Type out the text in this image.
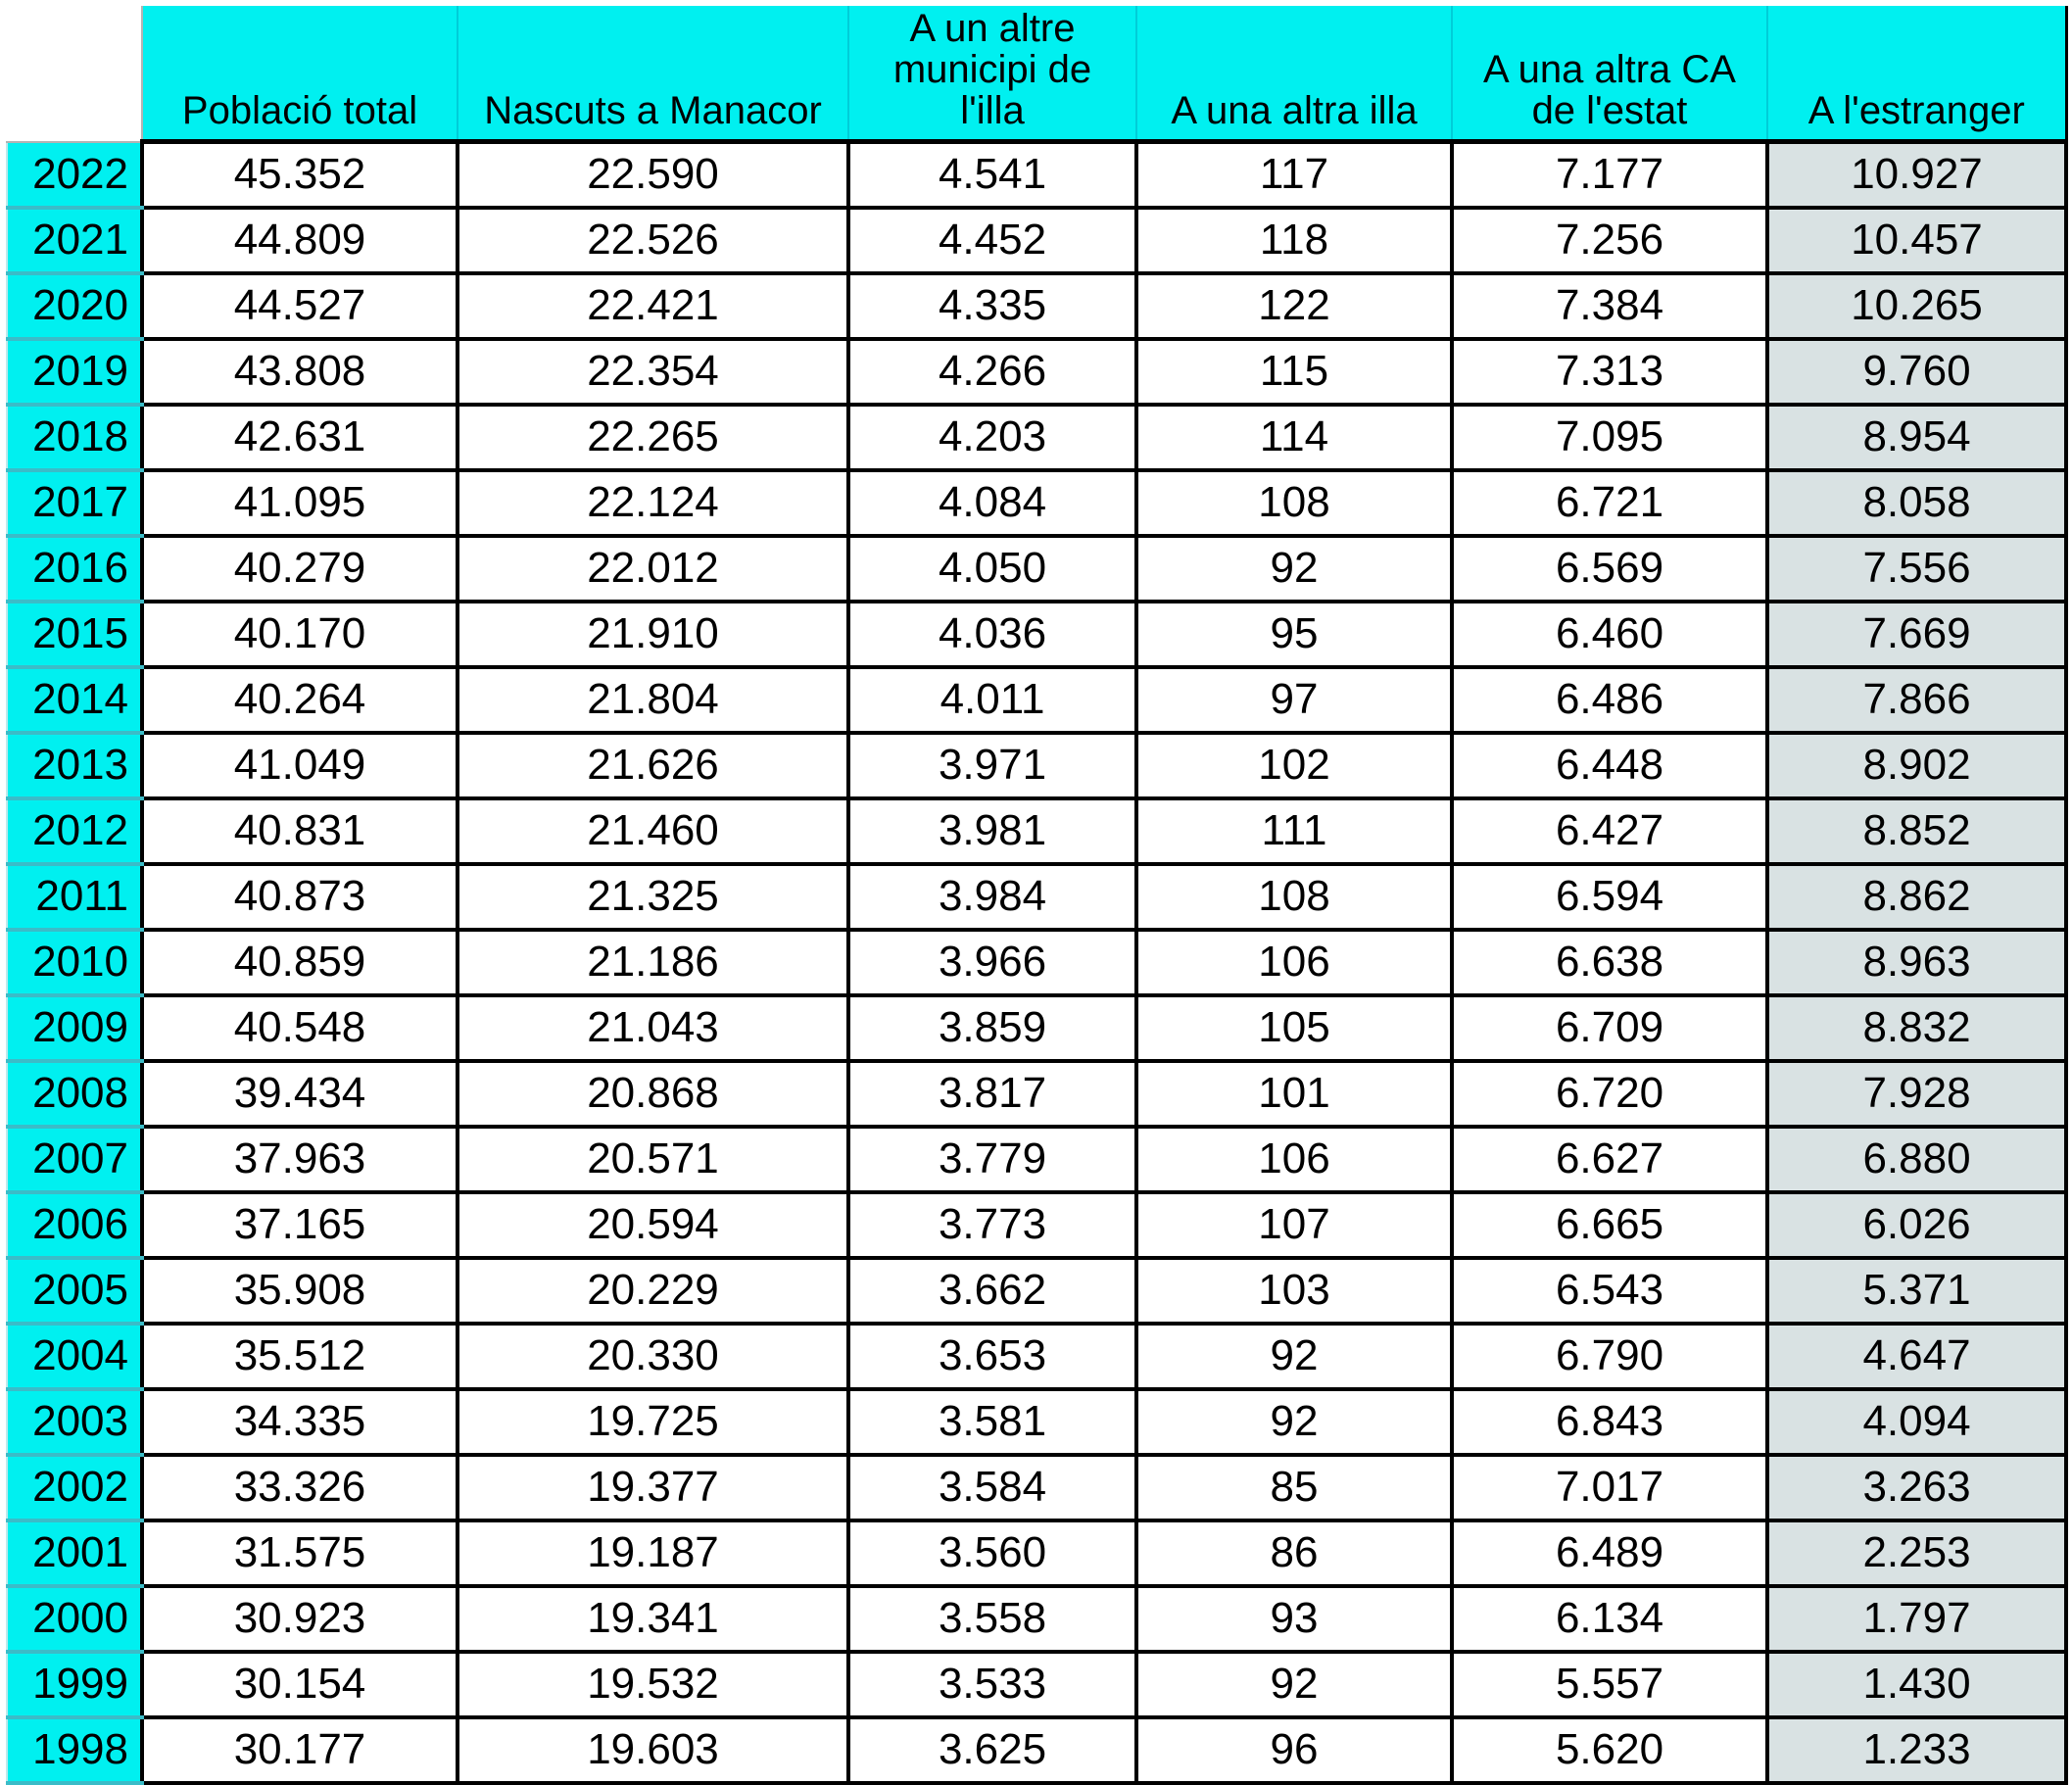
	Població total	Nascuts a Manacor	A un altre municipi de l'illa	A una altra illa	A una altra CA de l'estat	A l'estranger
2022	45.352	22.590	4.541	117	7.177	10.927
2021	44.809	22.526	4.452	118	7.256	10.457
2020	44.527	22.421	4.335	122	7.384	10.265
2019	43.808	22.354	4.266	115	7.313	9.760
2018	42.631	22.265	4.203	114	7.095	8.954
2017	41.095	22.124	4.084	108	6.721	8.058
2016	40.279	22.012	4.050	92	6.569	7.556
2015	40.170	21.910	4.036	95	6.460	7.669
2014	40.264	21.804	4.011	97	6.486	7.866
2013	41.049	21.626	3.971	102	6.448	8.902
2012	40.831	21.460	3.981	111	6.427	8.852
2011	40.873	21.325	3.984	108	6.594	8.862
2010	40.859	21.186	3.966	106	6.638	8.963
2009	40.548	21.043	3.859	105	6.709	8.832
2008	39.434	20.868	3.817	101	6.720	7.928
2007	37.963	20.571	3.779	106	6.627	6.880
2006	37.165	20.594	3.773	107	6.665	6.026
2005	35.908	20.229	3.662	103	6.543	5.371
2004	35.512	20.330	3.653	92	6.790	4.647
2003	34.335	19.725	3.581	92	6.843	4.094
2002	33.326	19.377	3.584	85	7.017	3.263
2001	31.575	19.187	3.560	86	6.489	2.253
2000	30.923	19.341	3.558	93	6.134	1.797
1999	30.154	19.532	3.533	92	5.557	1.430
1998	30.177	19.603	3.625	96	5.620	1.233
